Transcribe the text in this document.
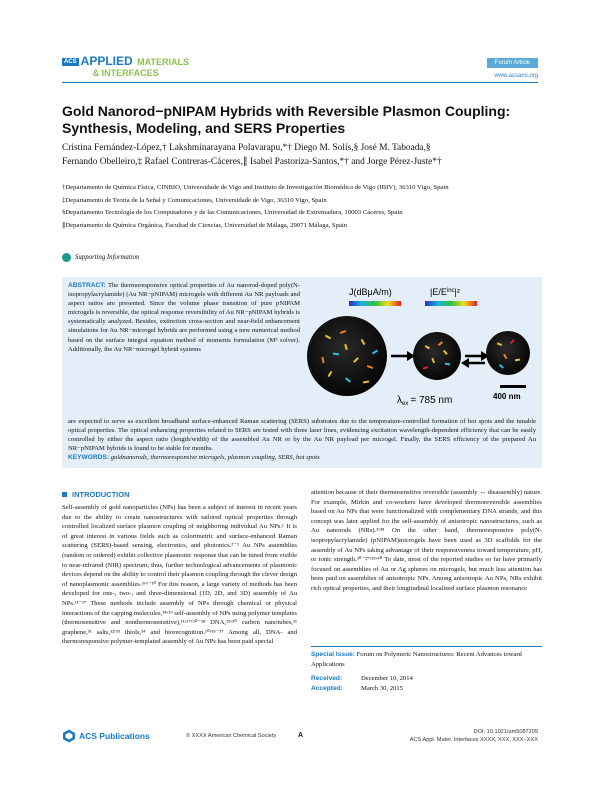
ACS APPLIED MATERIALS
& INTERFACES
Forum Article
www.acsami.org
Gold Nanorod−pNIPAM Hybrids with Reversible Plasmon Coupling: Synthesis, Modeling, and SERS Properties
Cristina Fernández-López,† Lakshminarayana Polavarapu,*† Diego M. Solís,§ José M. Taboada,§
Fernando Obelleiro,‡ Rafael Contreras-Cáceres,∥ Isabel Pastoriza-Santos,*† and Jorge Pérez-Juste*†
†Departamento de Química Física, CINBIO, Universidade de Vigo and Instituto de Investigación Biomédica de Vigo (IBIV), 36310 Vigo, Spain
‡Departamento de Teoría de la Señal y Comunicaciones, Universidade de Vigo, 36310 Vigo, Spain
§Departamento Tecnología de los Computadores y de las Comunicaciones, Universidad de Extremadura, 10003 Cáceres, Spain
∥Departamento de Química Orgánica, Facultad de Ciencias, Universidad de Málaga, 29071 Málaga, Spain
Supporting Information
ABSTRACT: The thermoresponsive optical properties of Au nanorod-doped poly(N-isopropylacrylamide) (Au NR−pNIPAM) microgels with different Au NR payloads and aspect ratios are presented. Since the volume phase transition of pure pNIPAM microgels is reversible, the optical response reversibility of Au NR−pNIPAM hybrids is systematically analyzed. Besides, extinction cross-section and near-field enhancement simulations for Au NR−microgel hybrids are performed using a new numerical method based on the surface integral equation method of moments formulation (M³ solver). Additionally, the Au NR−microgel hybrid systems
are expected to serve as excellent broadband surface-enhanced Raman scattering (SERS) substrates due to the temperature-controlled formation of hot spots and the tunable optical properties. The optical enhancing properties related to SERS are tested with three laser lines, evidencing excitation wavelength-dependent efficiency that can be easily controlled by either the aspect ratio (length/width) of the assembled Au NR or by the Au NR payload per microgel. Finally, the SERS efficiency of the prepared Au NR−pNIPAM hybrids is found to be stable for months.
KEYWORDS: goldnanorods, thermoresponsive microgels, plasmon coupling, SERS, hot spots
J(dBμA/m)	$|E/E^{inc}|^2$
$\lambda_{ex} = 785$ nm	400 nm
INTRODUCTION
Self-assembly of gold nanoparticles (NPs) has been a subject of interest in recent years due to the ability to create nanostructures with tailored optical properties through controlled localized surface plasmon coupling of neighboring individual Au NPs.¹ It is of great interest in various fields such as colorimetric and surface-enhanced Raman scattering (SERS)-based sensing, electronics, and photonics.²⁻⁵ Au NPs assemblies (random or ordered) exhibit collective plasmonic response that can be tuned from visible to near-infrared (NIR) spectrum; thus, further technological advancements of plasmonic devices depend on the ability to control their plasmon coupling through the clever design of nanoplasmonic assemblies.³ʸ⁶⁻¹⁰ For this reason, a large variety of methods has been developed for one-, two-, and three-dimensional (1D, 2D, and 3D) assembly of Au NPs.¹¹⁻¹⁷ These methods include assembly of NPs through chemical or physical interactions of the capping molecules,¹⁸ʸ¹⁹ self-assembly of NPs using polymer templates (thermosensitive and nonthermosensitive),¹¹ʸ¹⁷ʸ²⁰⁻²⁸ DNA,²⁹ʸ³⁰ carbon nanotubes,³¹ graphene,³¹ salts,³²ʸ³³ thiols,³⁴ and biorecognition.¹⁰ʸ³⁵⁻³⁷ Among all, DNA- and thermoresponsive polymer-templated assembly of Au NPs has been paid special
attention because of their thermosensitive reversible (assembly ↔ disassembly) nature. For example, Mirkin and co-workers have developed thermoreversible assemblies based on Au NPs that were functionalized with complementary DNA strands, and this concept was later applied for the self-assembly of anisotropic nanostructures, such as Au nanorods (NRs).²ʸ³⁸ On the other hand, thermoresponsive poly(N-isopropylacrylamide) (pNIPAM)microgels have been used as 3D scaffolds for the assembly of Au NPs taking advantage of their responsiveness toward temperature, pH, or ionic strength.²⁰⁻²⁷ʸ³⁹ʸ⁴⁰ To date, most of the reported studies so far have primarily focused on assemblies of Au or Ag spheres on microgels, but much less attention has been paid on assemblies of anisotropic NPs. Among anisotropic Au NPs, NRs exhibit rich optical properties, and their longitudinal localized surface plasmon resonance
Special Issue: Forum on Polymeric Nanostructures: Recent Advances toward Applications
Received:	December 10, 2014
Accepted:	March 30, 2015
ACS Publications	© XXXX American Chemical Society	A	DOI: 10.1021/am5087209
ACS Appl. Mater. Interfaces XXXX, XXX, XXX−XXX
